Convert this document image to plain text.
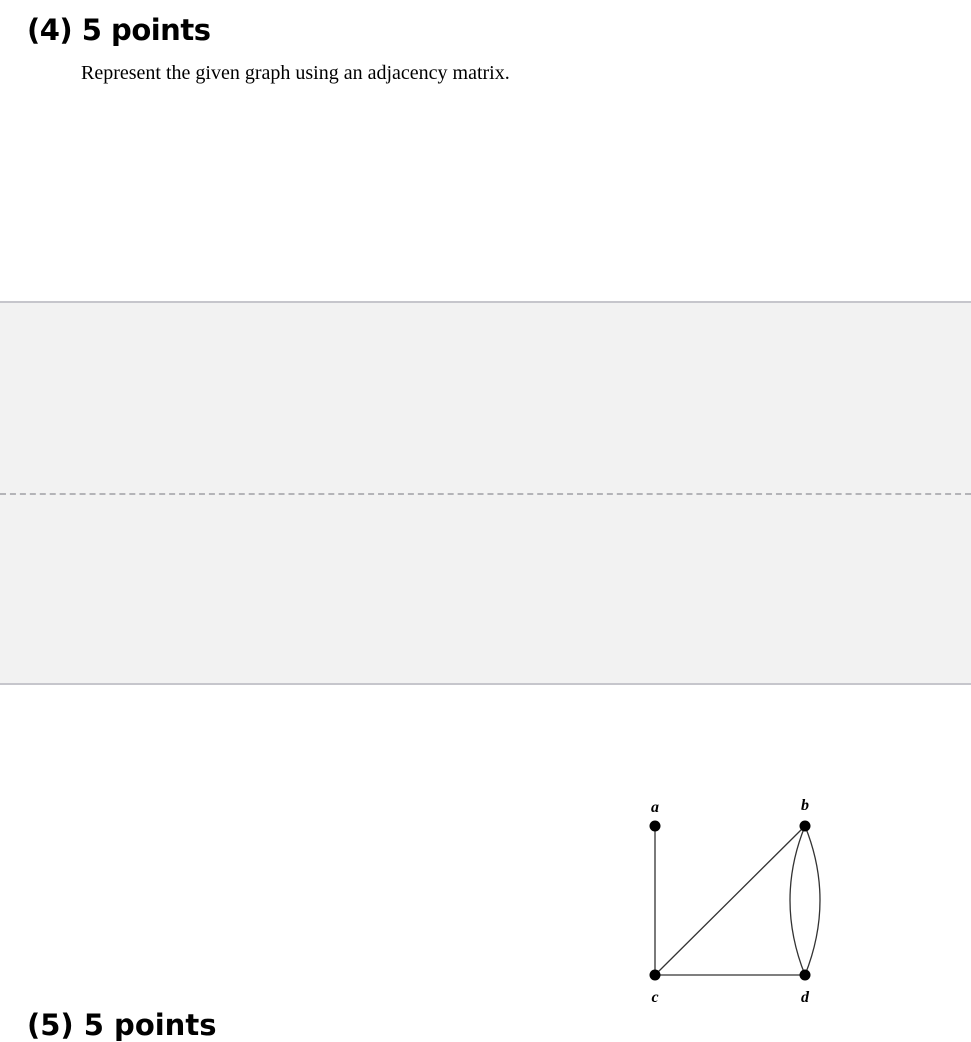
(4) 5 points

Represent the given graph using an adjacency matrix.

a	b
c	d
(5) 5 points
